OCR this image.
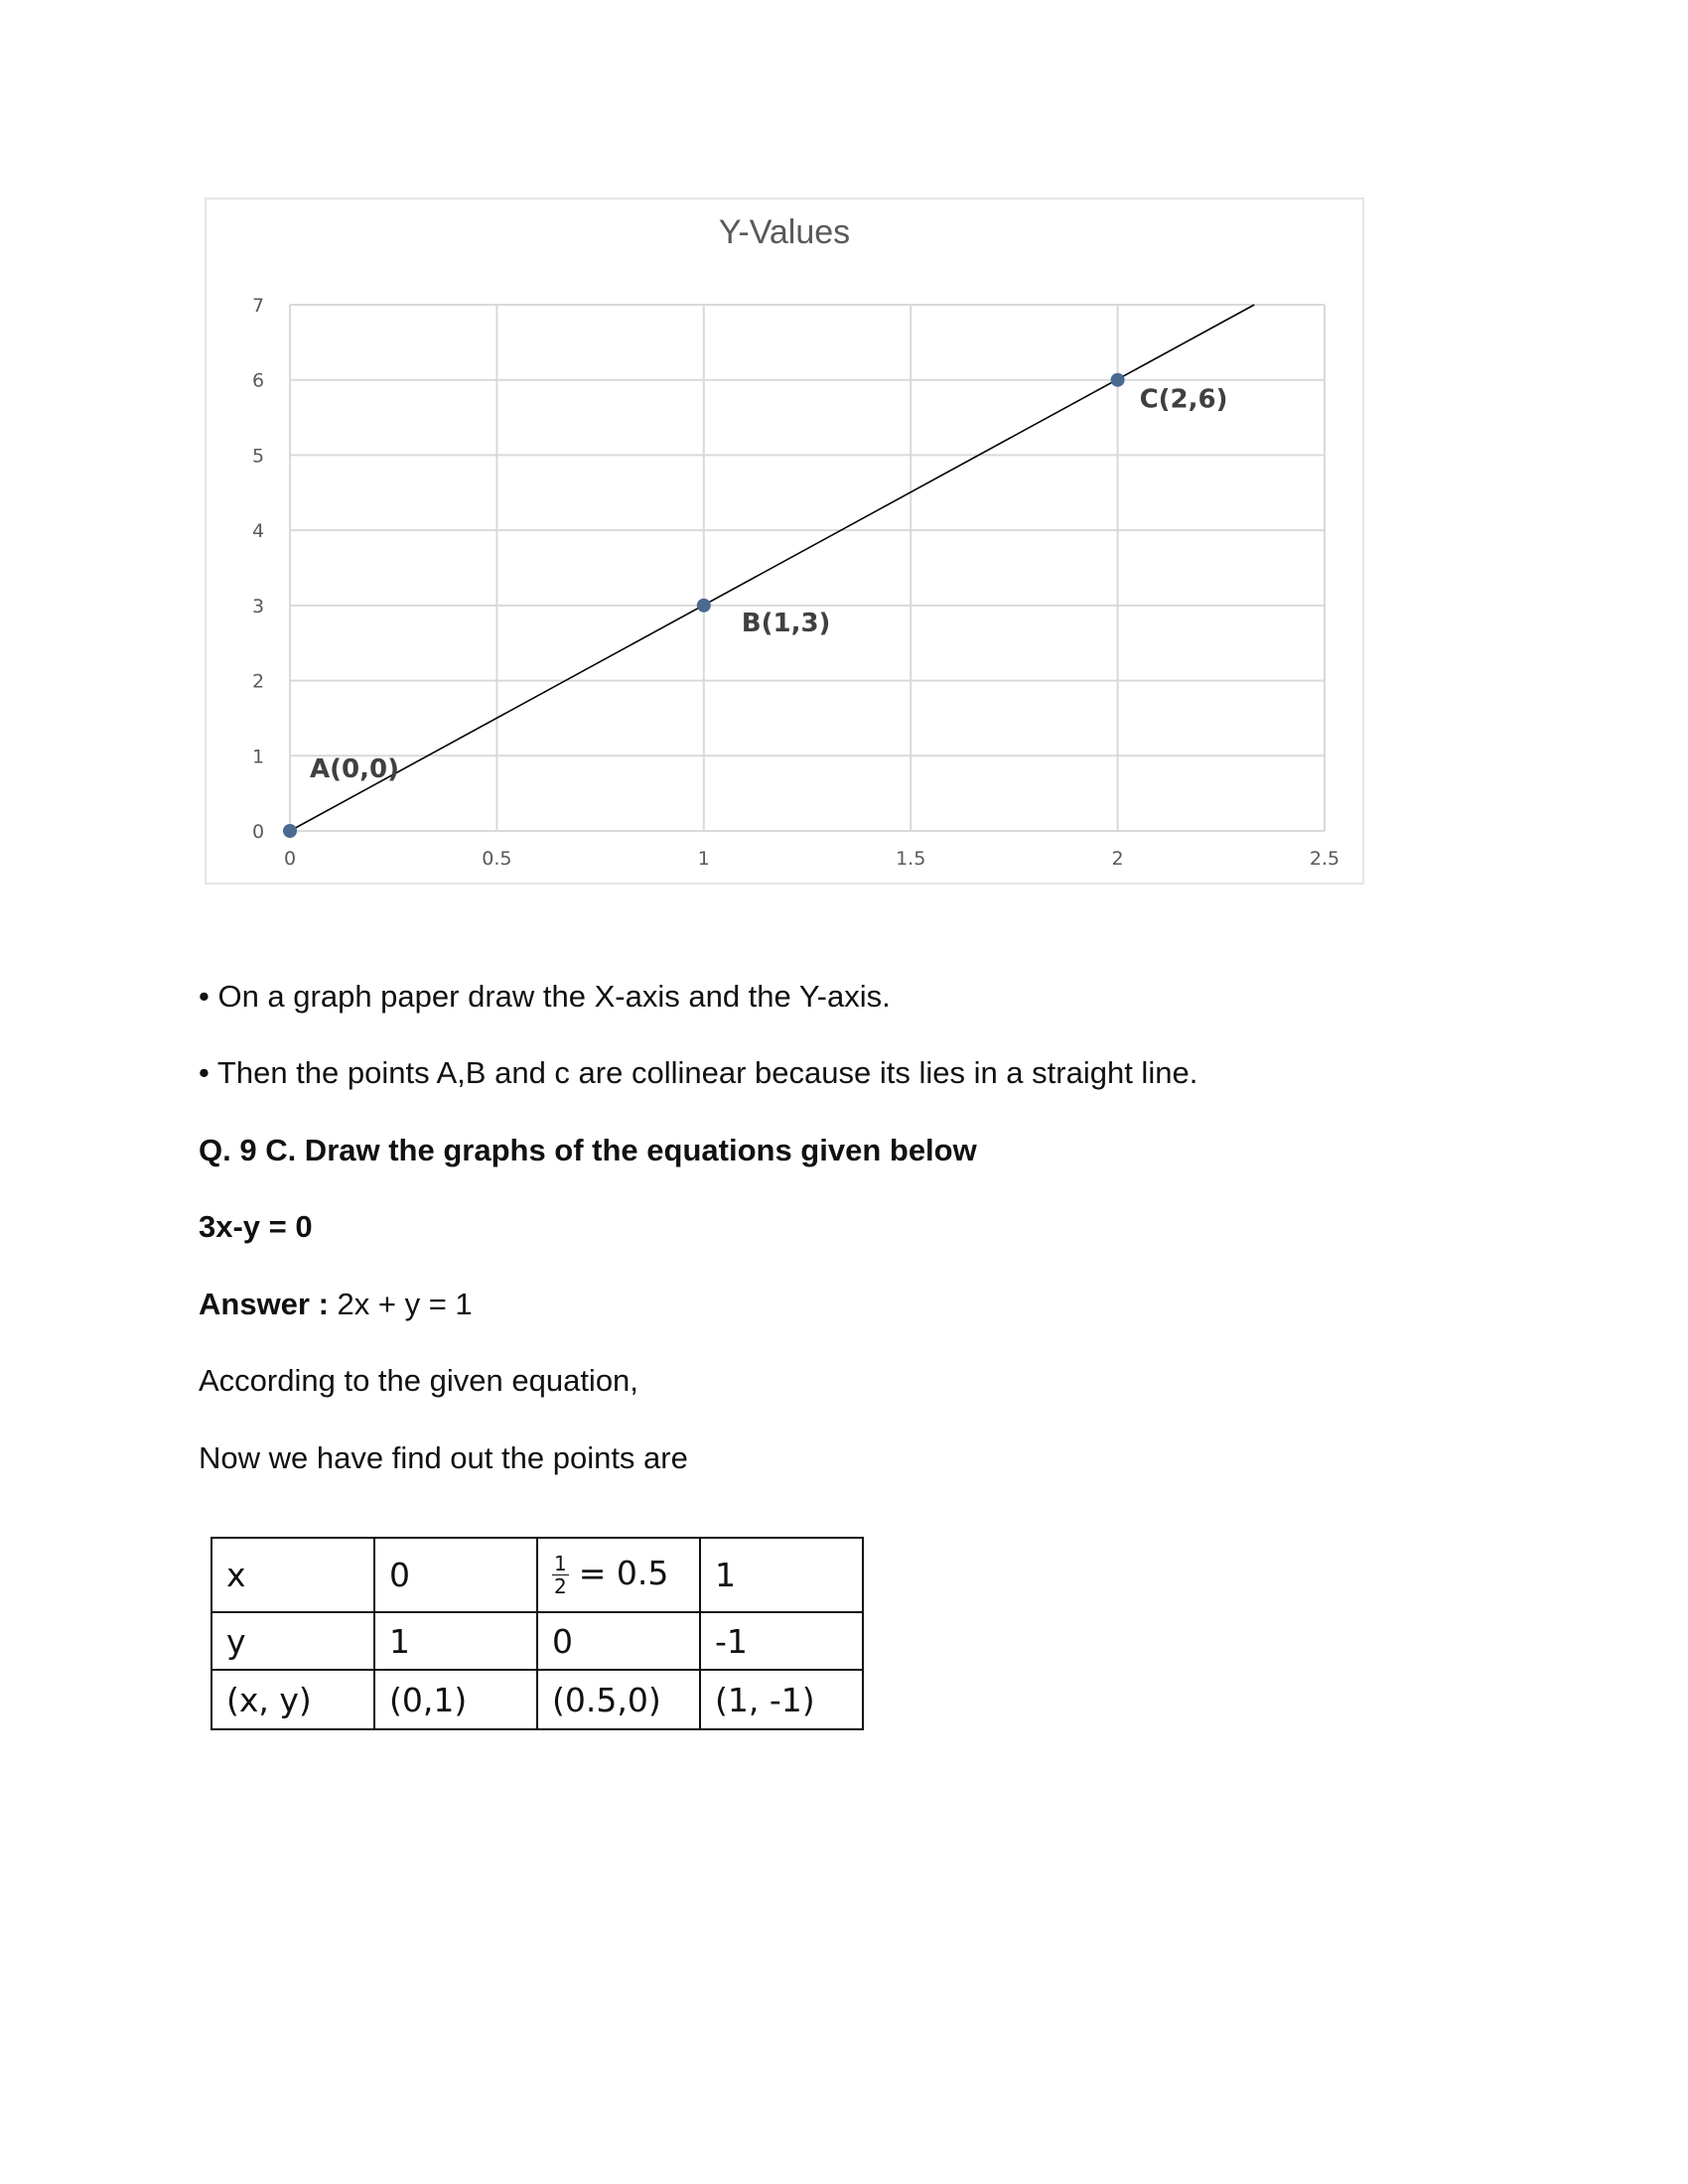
Y-Values
0
1
2
3
4
5
6
7
0	0.5	1	1.5	2	2.5
A(0,0)
B(1,3)
C(2,6)

• On a graph paper draw the X-axis and the Y-axis.

• Then the points A,B and c are collinear because its lies in a straight line.

Q. 9 C. Draw the graphs of the equations given below

3x-y = 0

Answer : 2x + y = 1

According to the given equation,

Now we have find out the points are

x	0	$\frac{1}{2} = 0.5$	1
y	1	0	-1
(x, y)	(0,1)	(0.5,0)	(1, -1)
